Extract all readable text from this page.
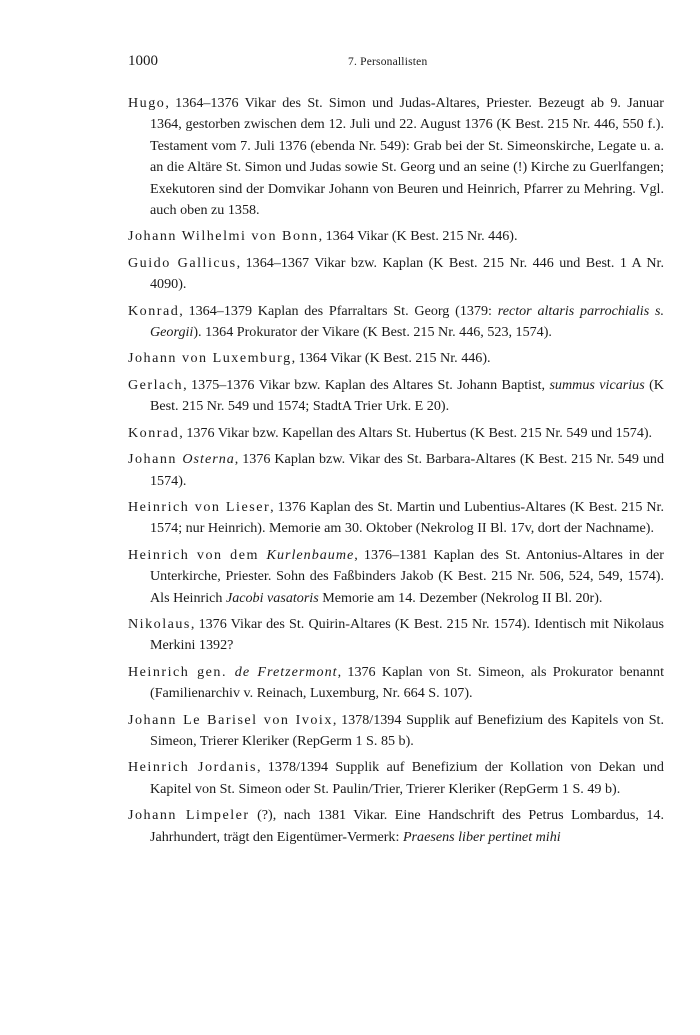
1000	7. Personallisten

Hugo, 1364–1376 Vikar des St. Simon und Judas-Altares, Priester. Bezeugt ab 9. Januar 1364, gestorben zwischen dem 12. Juli und 22. August 1376 (K Best. 215 Nr. 446, 550 f.). Testament vom 7. Juli 1376 (ebenda Nr. 549): Grab bei der St. Simeonskirche, Legate u. a. an die Altäre St. Simon und Judas sowie St. Georg und an seine (!) Kirche zu Guerlfangen; Exekutoren sind der Domvikar Johann von Beuren und Heinrich, Pfarrer zu Mehring. Vgl. auch oben zu 1358.

Johann Wilhelmi von Bonn, 1364 Vikar (K Best. 215 Nr. 446).

Guido Gallicus, 1364–1367 Vikar bzw. Kaplan (K Best. 215 Nr. 446 und Best. 1 A Nr. 4090).

Konrad, 1364–1379 Kaplan des Pfarraltars St. Georg (1379: rector altaris parrochialis s. Georgii). 1364 Prokurator der Vikare (K Best. 215 Nr. 446, 523, 1574).

Johann von Luxemburg, 1364 Vikar (K Best. 215 Nr. 446).

Gerlach, 1375–1376 Vikar bzw. Kaplan des Altares St. Johann Baptist, summus vicarius (K Best. 215 Nr. 549 und 1574; StadtA Trier Urk. E 20).

Konrad, 1376 Vikar bzw. Kapellan des Altars St. Hubertus (K Best. 215 Nr. 549 und 1574).

Johann Osterna, 1376 Kaplan bzw. Vikar des St. Barbara-Altares (K Best. 215 Nr. 549 und 1574).

Heinrich von Lieser, 1376 Kaplan des St. Martin und Lubentius-Altares (K Best. 215 Nr. 1574; nur Heinrich). Memorie am 30. Oktober (Nekrolog II Bl. 17v, dort der Nachname).

Heinrich von dem Kurlenbaume, 1376–1381 Kaplan des St. Antonius-Altares in der Unterkirche, Priester. Sohn des Faßbinders Jakob (K Best. 215 Nr. 506, 524, 549, 1574). Als Heinrich Jacobi vasatoris Memorie am 14. Dezember (Nekrolog II Bl. 20r).

Nikolaus, 1376 Vikar des St. Quirin-Altares (K Best. 215 Nr. 1574). Identisch mit Nikolaus Merkini 1392?

Heinrich gen. de Fretzermont, 1376 Kaplan von St. Simeon, als Prokurator benannt (Familienarchiv v. Reinach, Luxemburg, Nr. 664 S. 107).

Johann Le Barisel von Ivoix, 1378/1394 Supplik auf Benefizium des Kapitels von St. Simeon, Trierer Kleriker (RepGerm 1 S. 85 b).

Heinrich Jordanis, 1378/1394 Supplik auf Benefizium der Kollation von Dekan und Kapitel von St. Simeon oder St. Paulin/Trier, Trierer Kleriker (RepGerm 1 S. 49 b).

Johann Limpeler (?), nach 1381 Vikar. Eine Handschrift des Petrus Lombardus, 14. Jahrhundert, trägt den Eigentümer-Vermerk: Praesens liber pertinet mihi
